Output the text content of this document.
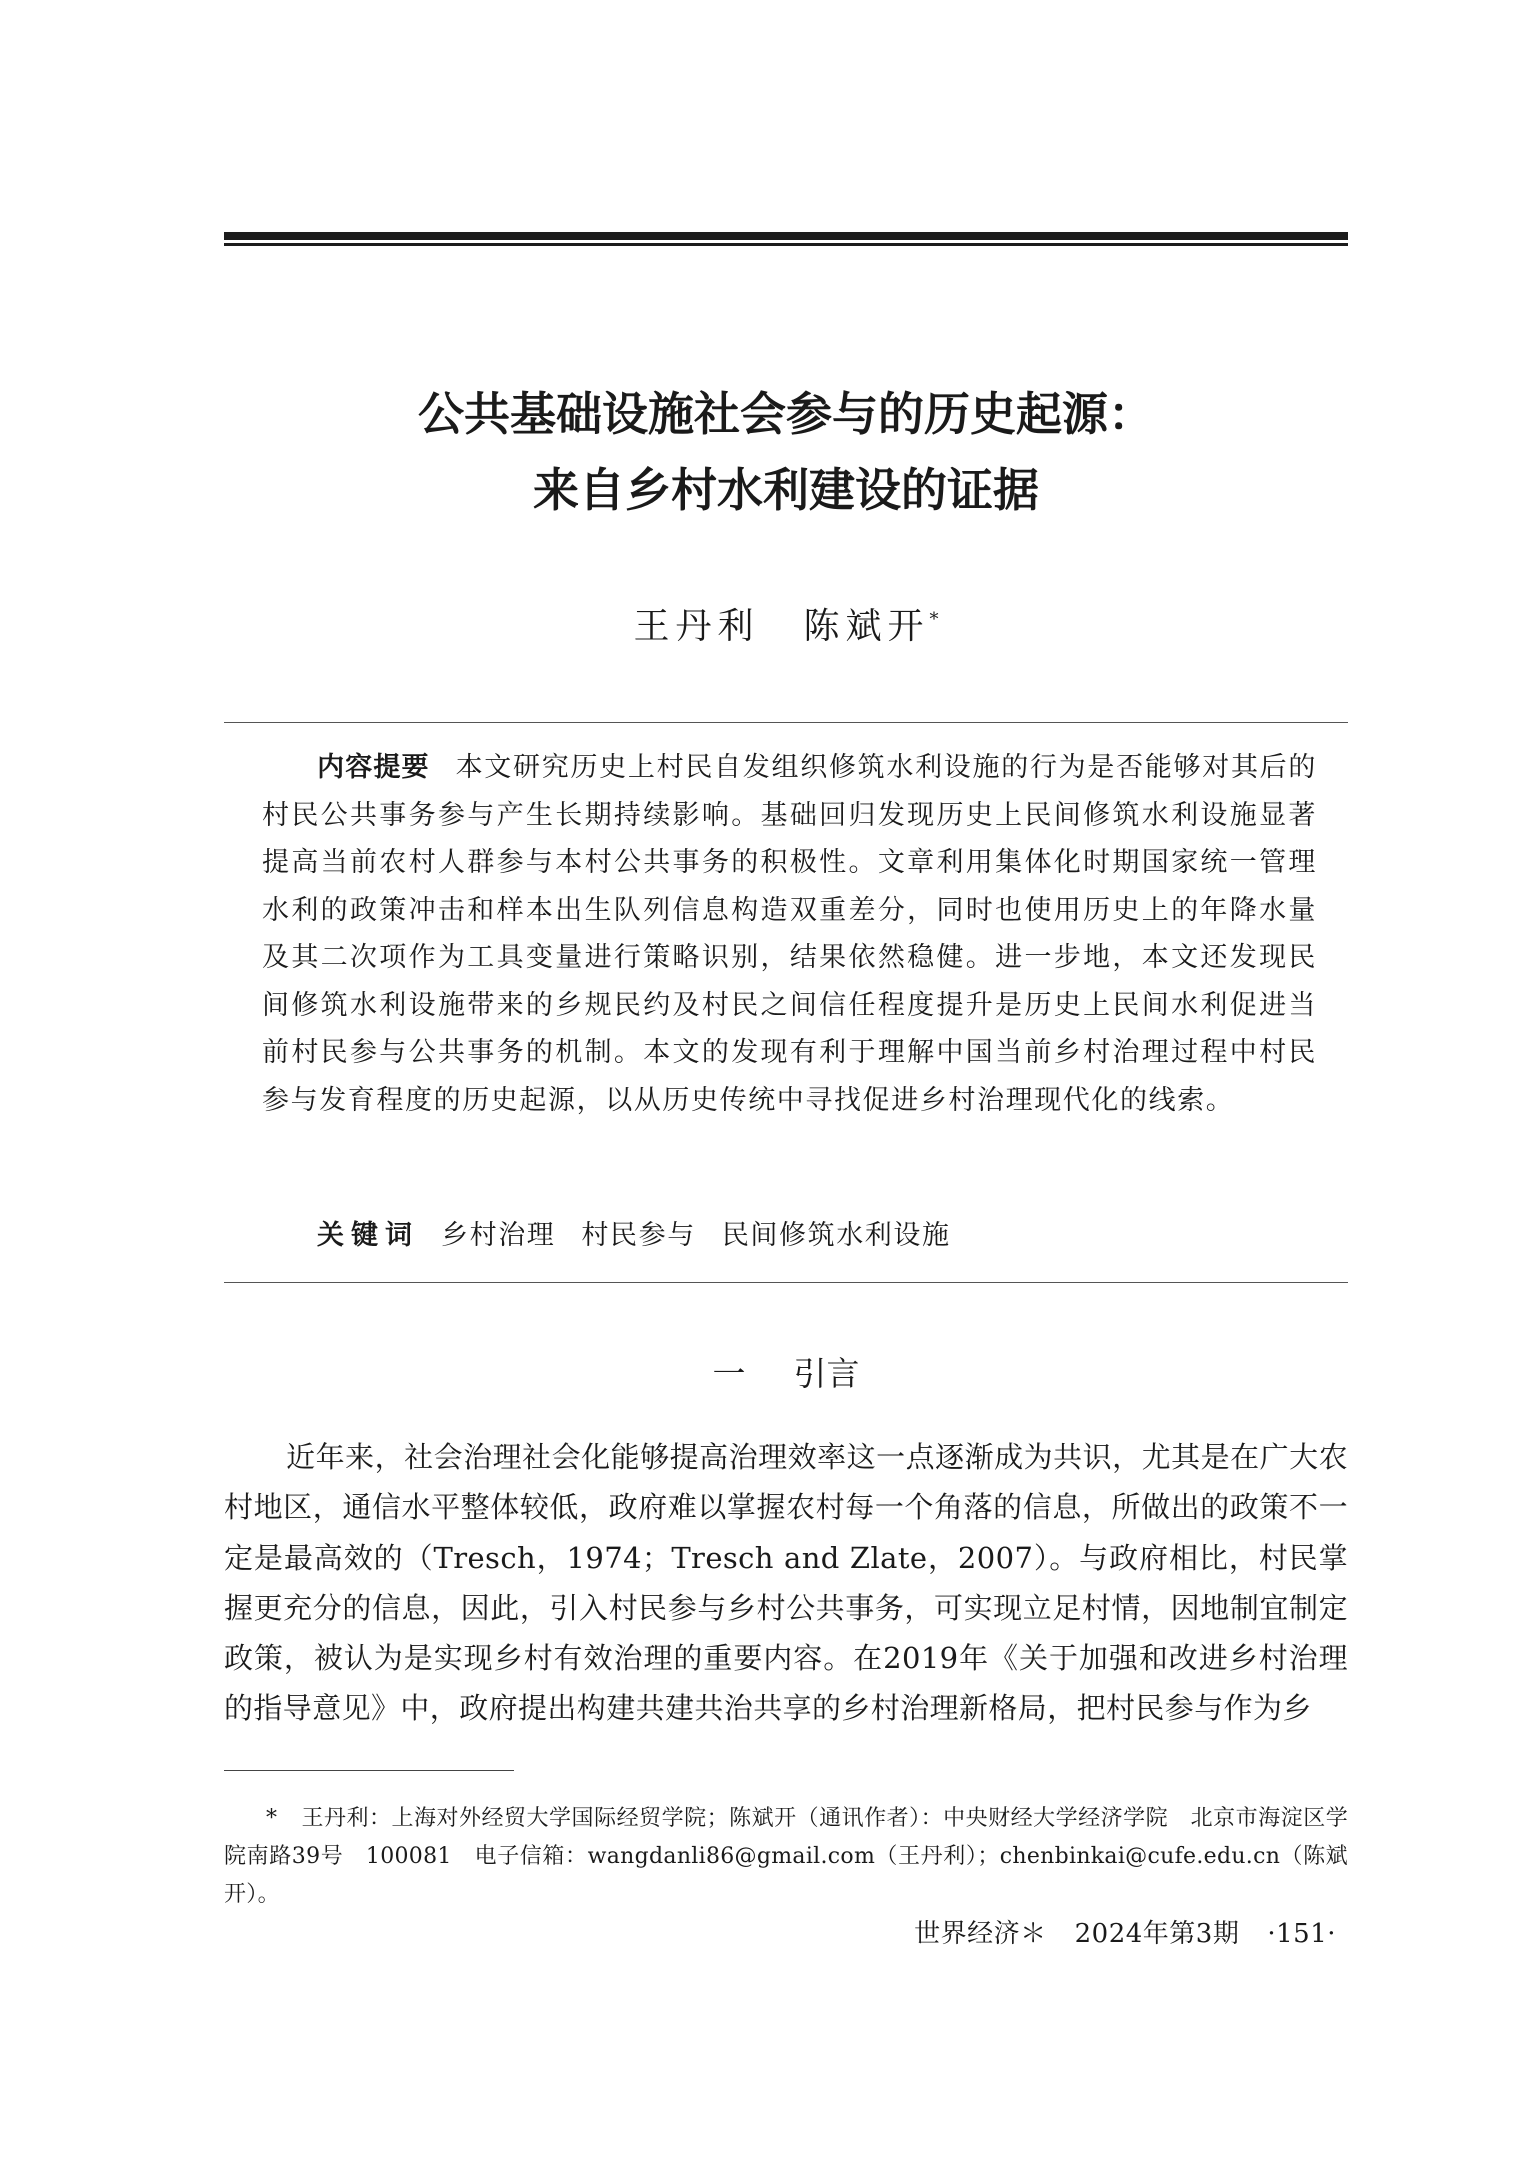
公共基础设施社会参与的历史起源：
来自乡村水利建设的证据
王丹利 陈斌开*
内容提要 本文研究历史上村民自发组织修筑水利设施的行为是否能够对其后的村民公共事务参与产生长期持续影响。基础回归发现历史上民间修筑水利设施显著提高当前农村人群参与本村公共事务的积极性。文章利用集体化时期国家统一管理水利的政策冲击和样本出生队列信息构造双重差分，同时也使用历史上的年降水量及其二次项作为工具变量进行策略识别，结果依然稳健。进一步地，本文还发现民间修筑水利设施带来的乡规民约及村民之间信任程度提升是历史上民间水利促进当前村民参与公共事务的机制。本文的发现有利于理解中国当前乡村治理过程中村民参与发育程度的历史起源，以从历史传统中寻找促进乡村治理现代化的线索。
关键词 乡村治理 村民参与 民间修筑水利设施
一 引言
近年来，社会治理社会化能够提高治理效率这一点逐渐成为共识，尤其是在广大农村地区，通信水平整体较低，政府难以掌握农村每一个角落的信息，所做出的政策不一定是最高效的（Tresch，1974；Tresch and Zlate，2007）。与政府相比，村民掌握更充分的信息，因此，引入村民参与乡村公共事务，可实现立足村情，因地制宜制定政策，被认为是实现乡村有效治理的重要内容。在2019年《关于加强和改进乡村治理的指导意见》中，政府提出构建共建共治共享的乡村治理新格局，把村民参与作为乡
* 王丹利：上海对外经贸大学国际经贸学院；陈斌开（通讯作者）：中央财经大学经济学院　北京市海淀区学院南路39号　100081　电子信箱：wangdanli86@gmail.com（王丹利）；chenbinkai@cufe.edu.cn（陈斌开）。
世界经济＊ 2024年第3期 ·151·
